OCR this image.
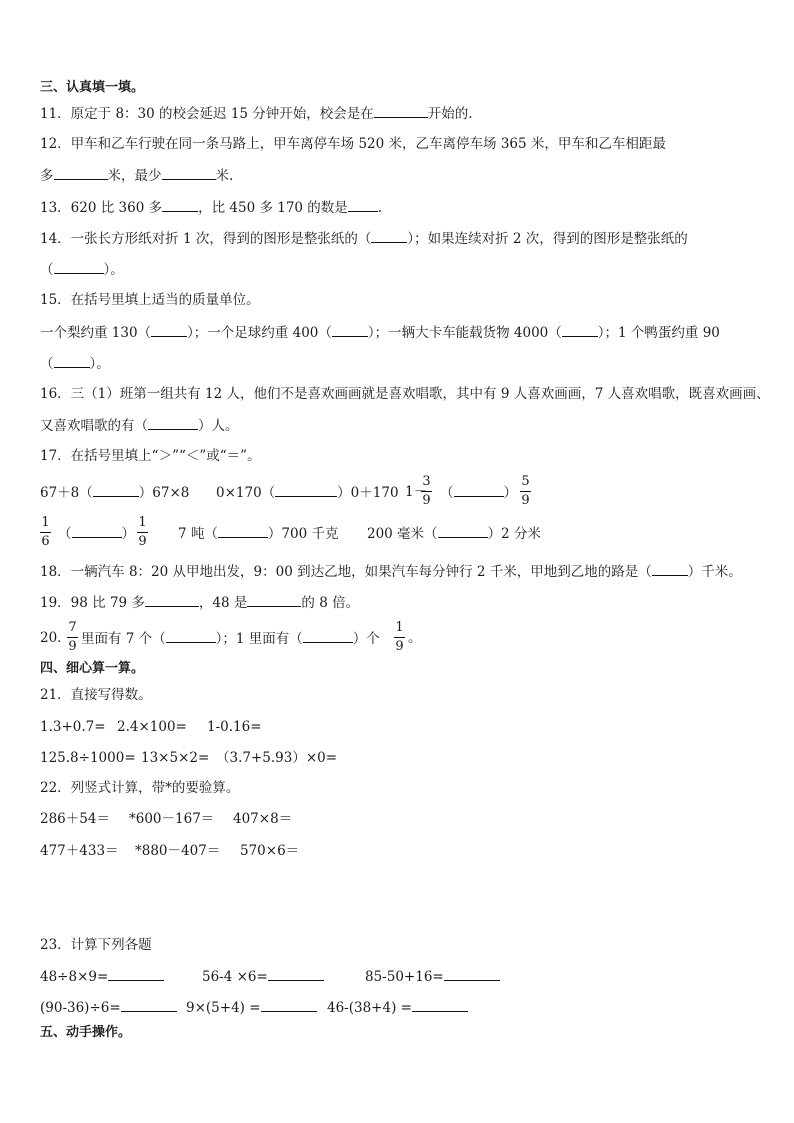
三、认真填一填。
11．原定于 8：30 的校会延迟 15 分钟开始，校会是在	开始的.
12．甲车和乙车行驶在同一条马路上，甲车离停车场 520 米，乙车离停车场 365 米，甲车和乙车相距最
多	米，最少	米.
13．620 比 360 多	，比 450 多 170 的数是 .
14．一张长方形纸对折 1 次，得到的图形是整张纸的（	）；如果连续对折 2 次，得到的图形是整张纸的
（	）。
15．在括号里填上适当的质量单位。
一个梨约重 130（	）；一个足球约重 400（	）；一辆大卡车能载货物 4000（	）；1 个鸭蛋约重 90
（	）。
16．三（1）班第一组共有 12 人，他们不是喜欢画画就是喜欢唱歌，其中有 9 人喜欢画画，7 人喜欢唱歌，既喜欢画画、
又喜欢唱歌的有（	）人。
17．在括号里填上“＞”“＜”或“＝”。
67＋8（	）67×8 0×170（	）0＋170 1－
3
9 （	）
5
9
1
6 （	）
1
9 7 吨（	）700 千克 200 毫米（	）2 分米
18．一辆汽车 8：20 从甲地出发，9：00 到达乙地，如果汽车每分钟行 2 千米，甲地到乙地的路是（	）千米。
19．98 比 79 多	，48 是	的 8 倍。
20．
7
9 里面有 7 个（	）；1 里面有（	）个
1
9
。
四、细心算一算。
21．直接写得数。
1.3+0.7= 2.4×100= 1-0.16=
125.8÷1000= 13×5×2= （3.7+5.93）×0=
22．列竖式计算，带*的要验算。
286＋54＝ *600－167＝ 407×8＝
477＋433＝ *880－407＝ 570×6＝
23．计算下列各题
48÷8×9=	56-4 ×6=	85-50+16=
(90-36)÷6=	9×(5+4) =	46-(38+4) =
五、动手操作。
